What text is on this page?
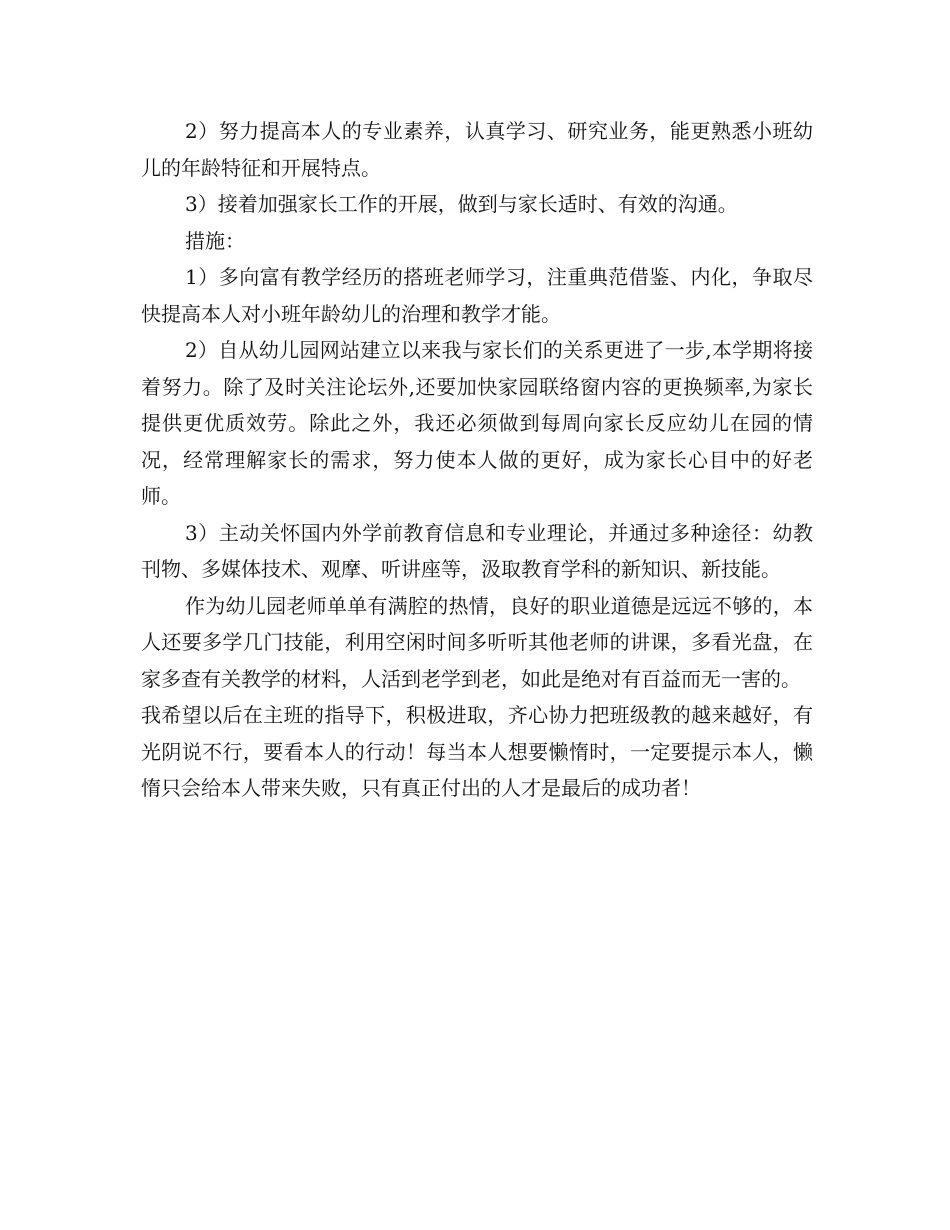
2）努力提高本人的专业素养，认真学习、研究业务，能更熟悉小班幼儿的年龄特征和开展特点。

3）接着加强家长工作的开展，做到与家长适时、有效的沟通。

措施：

1）多向富有教学经历的搭班老师学习，注重典范借鉴、内化，争取尽快提高本人对小班年龄幼儿的治理和教学才能。

2）自从幼儿园网站建立以来我与家长们的关系更进了一步,本学期将接着努力。除了及时关注论坛外,还要加快家园联络窗内容的更换频率,为家长提供更优质效劳。除此之外，我还必须做到每周向家长反应幼儿在园的情况，经常理解家长的需求，努力使本人做的更好，成为家长心目中的好老师。

3）主动关怀国内外学前教育信息和专业理论，并通过多种途径：幼教刊物、多媒体技术、观摩、听讲座等，汲取教育学科的新知识、新技能。

作为幼儿园老师单单有满腔的热情，良好的职业道德是远远不够的，本人还要多学几门技能，利用空闲时间多听听其他老师的讲课，多看光盘，在家多查有关教学的材料，人活到老学到老，如此是绝对有百益而无一害的。

我希望以后在主班的指导下，积极进取，齐心协力把班级教的越来越好，有光阴说不行，要看本人的行动！每当本人想要懒惰时，一定要提示本人，懒惰只会给本人带来失败，只有真正付出的人才是最后的成功者！
